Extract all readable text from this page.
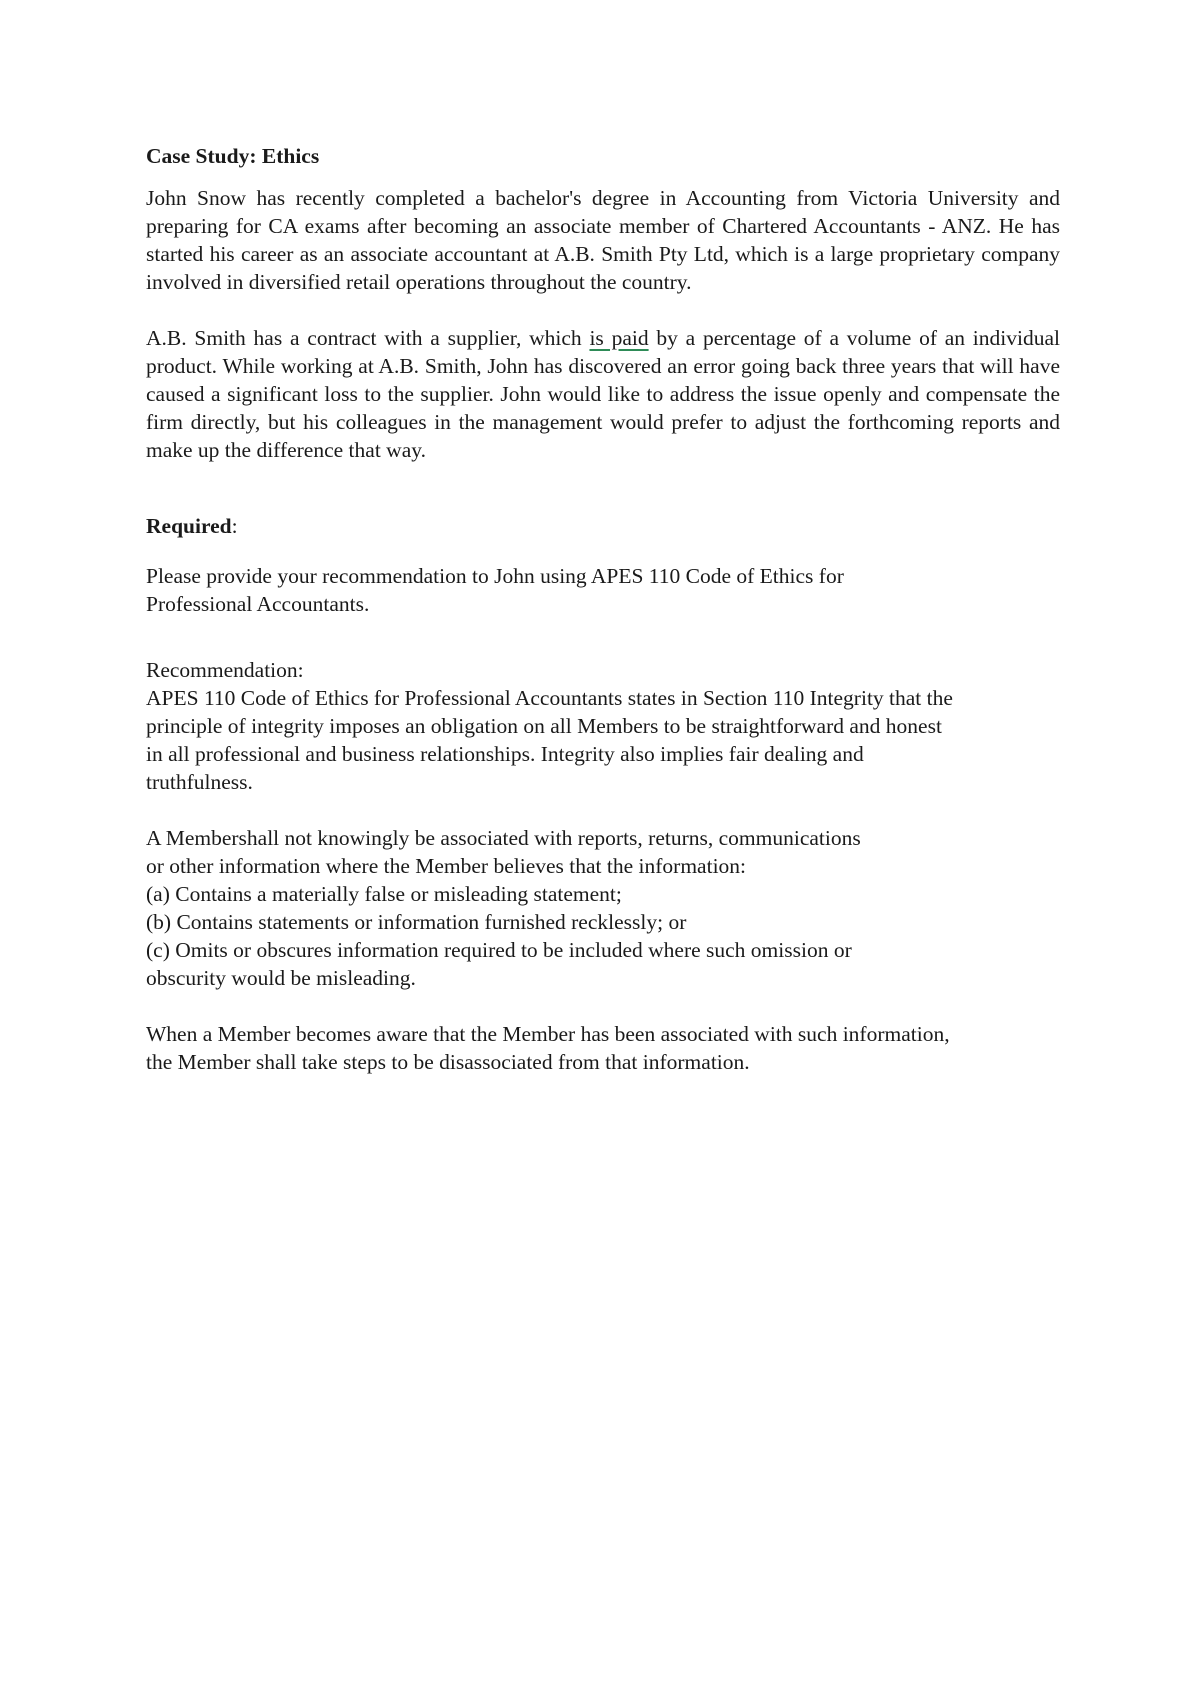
Case Study: Ethics
John Snow has recently completed a bachelor's degree in Accounting from Victoria University and preparing for CA exams after becoming an associate member of Chartered Accountants - ANZ. He has started his career as an associate accountant at A.B. Smith Pty Ltd, which is a large proprietary company involved in diversified retail operations throughout the country.
A.B. Smith has a contract with a supplier, which is paid by a percentage of a volume of an individual product. While working at A.B. Smith, John has discovered an error going back three years that will have caused a significant loss to the supplier. John would like to address the issue openly and compensate the firm directly, but his colleagues in the management would prefer to adjust the forthcoming reports and make up the difference that way.
Required:
Please provide your recommendation to John using APES 110 Code of Ethics for
Professional Accountants.
Recommendation:
APES 110 Code of Ethics for Professional Accountants states in Section 110 Integrity that the
principle of integrity imposes an obligation on all Members to be straightforward and honest
in all professional and business relationships. Integrity also implies fair dealing and
truthfulness.
A Membershall not knowingly be associated with reports, returns, communications
or other information where the Member believes that the information:
(a) Contains a materially false or misleading statement;
(b) Contains statements or information furnished recklessly; or
(c) Omits or obscures information required to be included where such omission or
obscurity would be misleading.
When a Member becomes aware that the Member has been associated with such information,
the Member shall take steps to be disassociated from that information.
